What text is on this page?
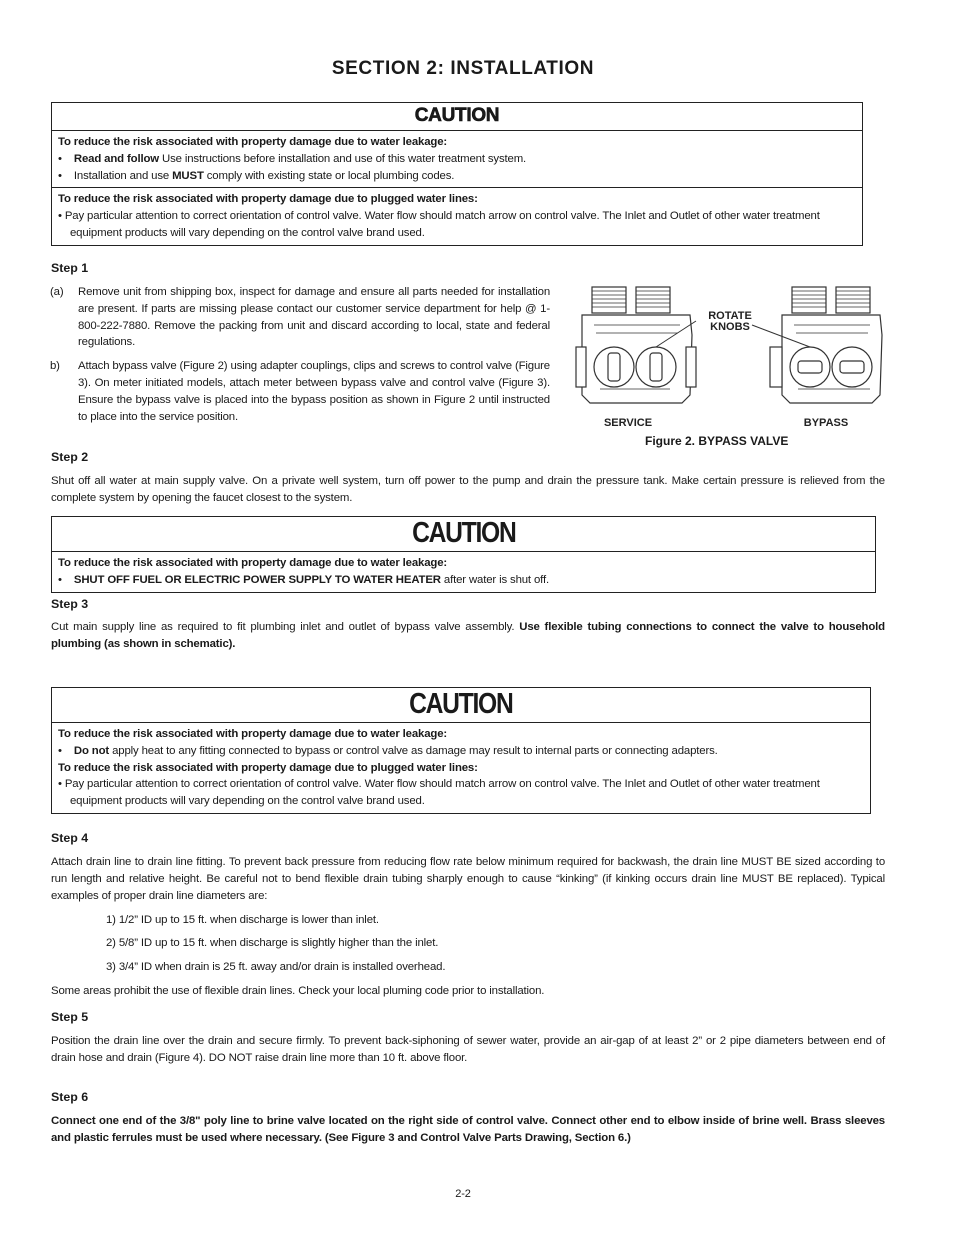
SECTION 2: INSTALLATION
CAUTION
To reduce the risk associated with property damage due to water leakage:
•    Read and follow Use instructions before installation and use of this water treatment system.
•    Installation and use MUST comply with existing state or local plumbing codes.
To reduce the risk associated with property damage due to plugged water lines:
• Pay particular attention to correct orientation of control valve. Water flow should match arrow on control valve. The Inlet and Outlet of other water treatment equipment products will vary depending on the control valve brand used.
Step 1
(a)	Remove unit from shipping box, inspect for damage and ensure all parts needed for installation are present. If parts are missing please contact our customer service department for help @ 1-800-222-7880. Remove the packing from unit and discard according to local, state and federal regulations.
b)	Attach bypass valve (Figure 2) using adapter couplings, clips and screws to control valve (Figure 3). On meter initiated models, attach meter between bypass valve and control valve (Figure 3). Ensure the bypass valve is placed into the bypass position as shown in Figure 2 until instructed to place into the service position.
ROTATE
KNOBS
SERVICE	BYPASS
Figure 2. BYPASS VALVE
Step 2
Shut off all water at main supply valve. On a private well system, turn off power to the pump and drain the pressure tank. Make certain pressure is relieved from the complete system by opening the faucet closest to the system.
CAUTION
To reduce the risk associated with property damage due to water leakage:
•    SHUT OFF FUEL OR ELECTRIC POWER SUPPLY TO WATER HEATER after water is shut off.
Step 3
Cut main supply line as required to fit plumbing inlet and outlet of bypass valve assembly. Use flexible tubing connections to connect the valve to household plumbing (as shown in schematic).
CAUTION
To reduce the risk associated with property damage due to water leakage:
•    Do not apply heat to any fitting connected to bypass or control valve as damage may result to internal parts or connecting adapters.
To reduce the risk associated with property damage due to plugged water lines:
• Pay particular attention to correct orientation of control valve. Water flow should match arrow on control valve. The Inlet and Outlet of other water treatment equipment products will vary depending on the control valve brand used.
Step 4
Attach drain line to drain line fitting. To prevent back pressure from reducing flow rate below minimum required for backwash, the drain line MUST BE sized according to run length and relative height. Be careful not to bend flexible drain tubing sharply enough to cause “kinking” (if kinking occurs drain line MUST BE replaced). Typical examples of proper drain line diameters are:
1) 1/2” ID up to 15 ft. when discharge is lower than inlet.
2) 5/8” ID up to 15 ft. when discharge is slightly higher than the inlet.
3) 3/4” ID when drain is 25 ft. away and/or drain is installed overhead.
Some areas prohibit the use of flexible drain lines. Check your local pluming code prior to installation.
Step 5
Position the drain line over the drain and secure firmly. To prevent back-siphoning of sewer water, provide an air-gap of at least 2” or 2 pipe diameters between end of drain hose and drain (Figure 4). DO NOT raise drain line more than 10 ft. above floor.
Step 6
Connect one end of the 3/8" poly line to brine valve located on the right side of control valve. Connect other end to elbow inside of brine well. Brass sleeves and plastic ferrules must be used where necessary. (See Figure 3 and Control Valve Parts Drawing, Section 6.)
2-2
